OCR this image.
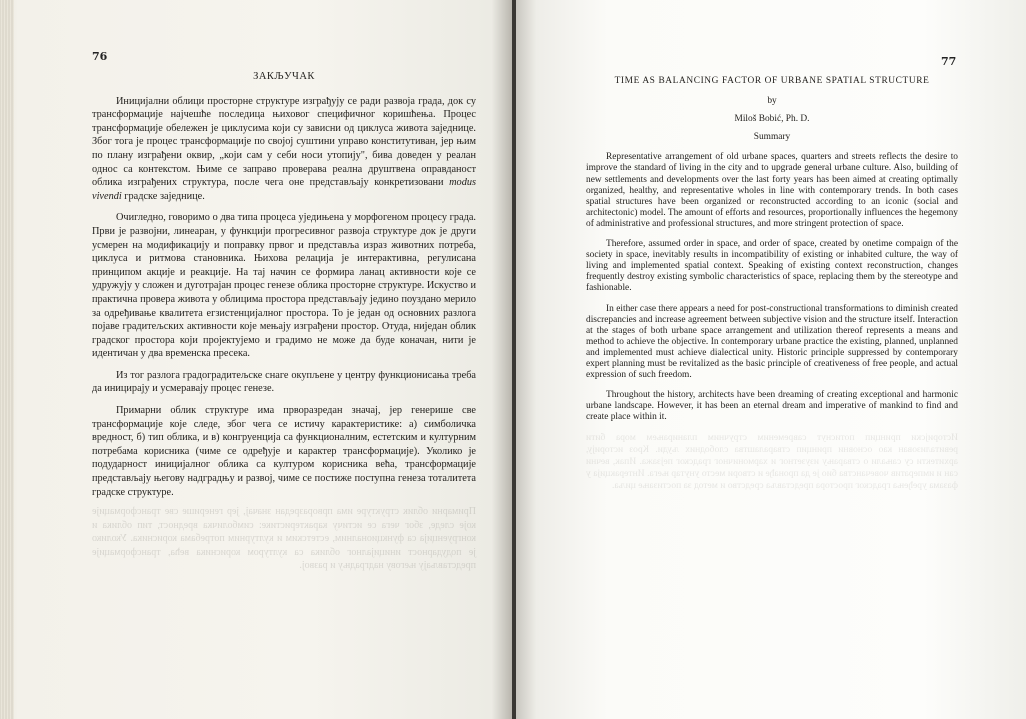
76
Примарни облик структуре има прворазредан значај, јер генерише све трансформације које следе, због чега се истичу карактеристике: симболичка вредност, тип облика и конгруенција са функционалним, естетским и културним потребама корисника. Уколико је подударност иницијалног облика са културом корисника већа, трансформације представљају његову надградњу и развој.
ЗАКЉУЧАК

Иницијални облици просторне структуре изграђују се ради развоја града, док су трансформације најчешће последица њиховог специфичног коришћења. Процес трансформације обележен је циклусима који су зависни од циклуса живота заједнице. Због тога је процес трансформације по својој суштини управо конститутиван, јер њим по плану изграђени оквир, „који сам у себи носи утопију", бива доведен у реалан однос са контекстом. Њиме се заправо проверава реална друштвена оправданост облика изграђених структура, после чега оне представљају конкретизовани modus vivendi градске заједнице.

Очигледно, говоримо о два типа процеса уједињена у морфогеном процесу града. Први је развојни, линеаран, у функцији прогресивног развоја структуре док је други усмерен на модификацију и поправку првог и представља израз животних потреба, циклуса и ритмова становника. Њихова релација је интерактивна, регулисана принципом акције и реакције. На тај начин се формира ланац активности које се удружују у сложен и дуготрајан процес генезе облика просторне структуре. Искуство и практична провера живота у облицима простора представљају једино поуздано мерило за одређивање квалитета егзистенцијалног простора. То је један од основних разлога појаве градитељских активности које мењају изграђени простор. Отуда, ниједан облик градског простора који пројектујемо и градимо не може да буде коначан, нити је идентичан у два временска пресека.

Из тог разлога градоградитељске снаге окупљене у центру функционисања треба да иницирају и усмеравају процес генезе.

Примарни облик структуре има прворазредан значај, јер генерише све трансформације које следе, због чега се истичу карактеристике: а) симболичка вредност, б) тип облика, и в) конгруенција са функционалним, естетским и културним потребама корисника (чиме се одређује и карактер трансформације). Уколико је подударност иницијалног облика са културом корисника већа, трансформације представљају његову надградњу и развој, чиме се постиже поступна генеза тоталитета градске структуре.

77
Историјски принцип потиснут савременим стручним планирањем мора бити ревитализован као основни принцип стваралаштва слободних људи. Кроз историју, архитекти су сањали о стварању изузетног и хармоничног градског пејзажа. Ипак, вечни сан и императив човечанства био је да пронађе и створи место унутар њега. Интеракција у фазама уређења градског простора представља средство и метод за постизање циља.
TIME AS BALANCING FACTOR OF URBANE SPATIAL STRUCTURE
by
Miloš Bobić, Ph. D.
Summary

Representative arrangement of old urbane spaces, quarters and streets reflects the desire to improve the standard of living in the city and to upgrade general urbane culture. Also, building of new settlements and developments over the last forty years has been aimed at creating optimally organized, healthy, and representative wholes in line with contemporary trends. In both cases spatial structures have been organized or reconstructed according to an iconic (social and architectonic) model. The amount of efforts and resources, proportionally influences the hegemony of administrative and professional structures, and more stringent protection of space.

Therefore, assumed order in space, and order of space, created by onetime compaign of the society in space, inevitably results in incompatibility of existing or inhabited culture, the way of living and implemented spatial context. Speaking of existing context reconstruction, changes frequently destroy existing symbolic characteristics of space, replacing them by the stereotype and fashionable.

In either case there appears a need for post-constructional transformations to diminish created discrepancies and increase agreement between subjective vision and the structure itself. Interaction at the stages of both urbane space arrangement and utilization thereof represents a means and method to achieve the objective. In contemporary urbane practice the existing, planned, unplanned and implemented must achieve dialectical unity. Historic principle suppressed by contemporary expert planning must be revitalized as the basic principle of creativeness of free people, and actual expression of such freedom.

Throughout the history, architects have been dreaming of creating exceptional and harmonic urbane landscape. However, it has been an eternal dream and imperative of mankind to find and create place within it.
